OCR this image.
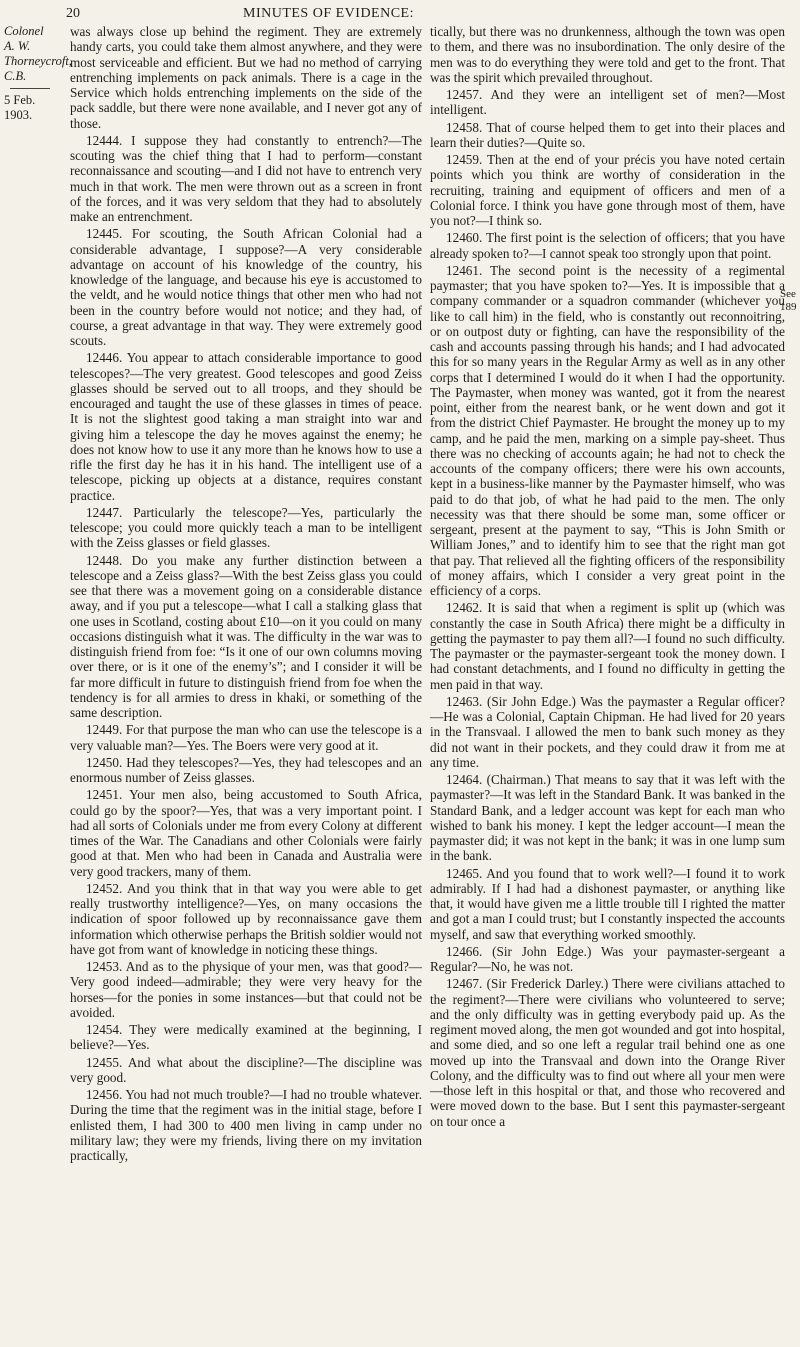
20	MINUTES OF EVIDENCE:
Colonel
A. W.
Thorneycroft,
C.B.
5 Feb. 1903.
See
189

was always close up behind the regiment. They are extremely handy carts, you could take them almost anywhere, and they were most serviceable and efficient. But we had no method of carrying entrenching implements on pack animals. There is a cage in the Service which holds entrenching implements on the side of the pack saddle, but there were none available, and I never got any of those.

12444. I suppose they had constantly to entrench?—The scouting was the chief thing that I had to perform—constant reconnaissance and scouting—and I did not have to entrench very much in that work. The men were thrown out as a screen in front of the forces, and it was very seldom that they had to absolutely make an entrenchment.

12445. For scouting, the South African Colonial had a considerable advantage, I suppose?—A very considerable advantage on account of his knowledge of the country, his knowledge of the language, and because his eye is accustomed to the veldt, and he would notice things that other men who had not been in the country before would not notice; and they had, of course, a great advantage in that way. They were extremely good scouts.

12446. You appear to attach considerable importance to good telescopes?—The very greatest. Good telescopes and good Zeiss glasses should be served out to all troops, and they should be encouraged and taught the use of these glasses in times of peace. It is not the slightest good taking a man straight into war and giving him a telescope the day he moves against the enemy; he does not know how to use it any more than he knows how to use a rifle the first day he has it in his hand. The intelligent use of a telescope, picking up objects at a distance, requires constant practice.

12447. Particularly the telescope?—Yes, particularly the telescope; you could more quickly teach a man to be intelligent with the Zeiss glasses or field glasses.

12448. Do you make any further distinction between a telescope and a Zeiss glass?—With the best Zeiss glass you could see that there was a movement going on a considerable distance away, and if you put a telescope—what I call a stalking glass that one uses in Scotland, costing about £10—on it you could on many occasions distinguish what it was. The difficulty in the war was to distinguish friend from foe: “Is it one of our own columns moving over there, or is it one of the enemy’s”; and I consider it will be far more difficult in future to distinguish friend from foe when the tendency is for all armies to dress in khaki, or something of the same description.

12449. For that purpose the man who can use the telescope is a very valuable man?—Yes. The Boers were very good at it.

12450. Had they telescopes?—Yes, they had telescopes and an enormous number of Zeiss glasses.

12451. Your men also, being accustomed to South Africa, could go by the spoor?—Yes, that was a very important point. I had all sorts of Colonials under me from every Colony at different times of the War. The Canadians and other Colonials were fairly good at that. Men who had been in Canada and Australia were very good trackers, many of them.

12452. And you think that in that way you were able to get really trustworthy intelligence?—Yes, on many occasions the indication of spoor followed up by reconnaissance gave them information which otherwise perhaps the British soldier would not have got from want of knowledge in noticing these things.

12453. And as to the physique of your men, was that good?—Very good indeed—admirable; they were very heavy for the horses—for the ponies in some instances—but that could not be avoided.

12454. They were medically examined at the beginning, I believe?—Yes.

12455. And what about the discipline?—The discipline was very good.

12456. You had not much trouble?—I had no trouble whatever. During the time that the regiment was in the initial stage, before I enlisted them, I had 300 to 400 men living in camp under no military law; they were my friends, living there on my invitation practically,

tically, but there was no drunkenness, although the town was open to them, and there was no insubordination. The only desire of the men was to do everything they were told and get to the front. That was the spirit which prevailed throughout.

12457. And they were an intelligent set of men?—Most intelligent.

12458. That of course helped them to get into their places and learn their duties?—Quite so.

12459. Then at the end of your précis you have noted certain points which you think are worthy of consideration in the recruiting, training and equipment of officers and men of a Colonial force. I think you have gone through most of them, have you not?—I think so.

12460. The first point is the selection of officers; that you have already spoken to?—I cannot speak too strongly upon that point.

12461. The second point is the necessity of a regimental paymaster; that you have spoken to?—Yes. It is impossible that a company commander or a squadron commander (whichever you like to call him) in the field, who is constantly out reconnoitring, or on outpost duty or fighting, can have the responsibility of the cash and accounts passing through his hands; and I had advocated this for so many years in the Regular Army as well as in any other corps that I determined I would do it when I had the opportunity. The Paymaster, when money was wanted, got it from the nearest point, either from the nearest bank, or he went down and got it from the district Chief Paymaster. He brought the money up to my camp, and he paid the men, marking on a simple pay-sheet. Thus there was no checking of accounts again; he had not to check the accounts of the company officers; there were his own accounts, kept in a business-like manner by the Paymaster himself, who was paid to do that job, of what he had paid to the men. The only necessity was that there should be some man, some officer or sergeant, present at the payment to say, “This is John Smith or William Jones,” and to identify him to see that the right man got that pay. That relieved all the fighting officers of the responsibility of money affairs, which I consider a very great point in the efficiency of a corps.

12462. It is said that when a regiment is split up (which was constantly the case in South Africa) there might be a difficulty in getting the paymaster to pay them all?—I found no such difficulty. The paymaster or the paymaster-sergeant took the money down. I had constant detachments, and I found no difficulty in getting the men paid in that way.

12463. (Sir John Edge.) Was the paymaster a Regular officer?—He was a Colonial, Captain Chipman. He had lived for 20 years in the Transvaal. I allowed the men to bank such money as they did not want in their pockets, and they could draw it from me at any time.

12464. (Chairman.) That means to say that it was left with the paymaster?—It was left in the Standard Bank. It was banked in the Standard Bank, and a ledger account was kept for each man who wished to bank his money. I kept the ledger account—I mean the paymaster did; it was not kept in the bank; it was in one lump sum in the bank.

12465. And you found that to work well?—I found it to work admirably. If I had had a dishonest paymaster, or anything like that, it would have given me a little trouble till I righted the matter and got a man I could trust; but I constantly inspected the accounts myself, and saw that everything worked smoothly.

12466. (Sir John Edge.) Was your paymaster-sergeant a Regular?—No, he was not.

12467. (Sir Frederick Darley.) There were civilians attached to the regiment?—There were civilians who volunteered to serve; and the only difficulty was in getting everybody paid up. As the regiment moved along, the men got wounded and got into hospital, and some died, and so one left a regular trail behind one as one moved up into the Transvaal and down into the Orange River Colony, and the difficulty was to find out where all your men were—those left in this hospital or that, and those who recovered and were moved down to the base. But I sent this paymaster-sergeant on tour once a
